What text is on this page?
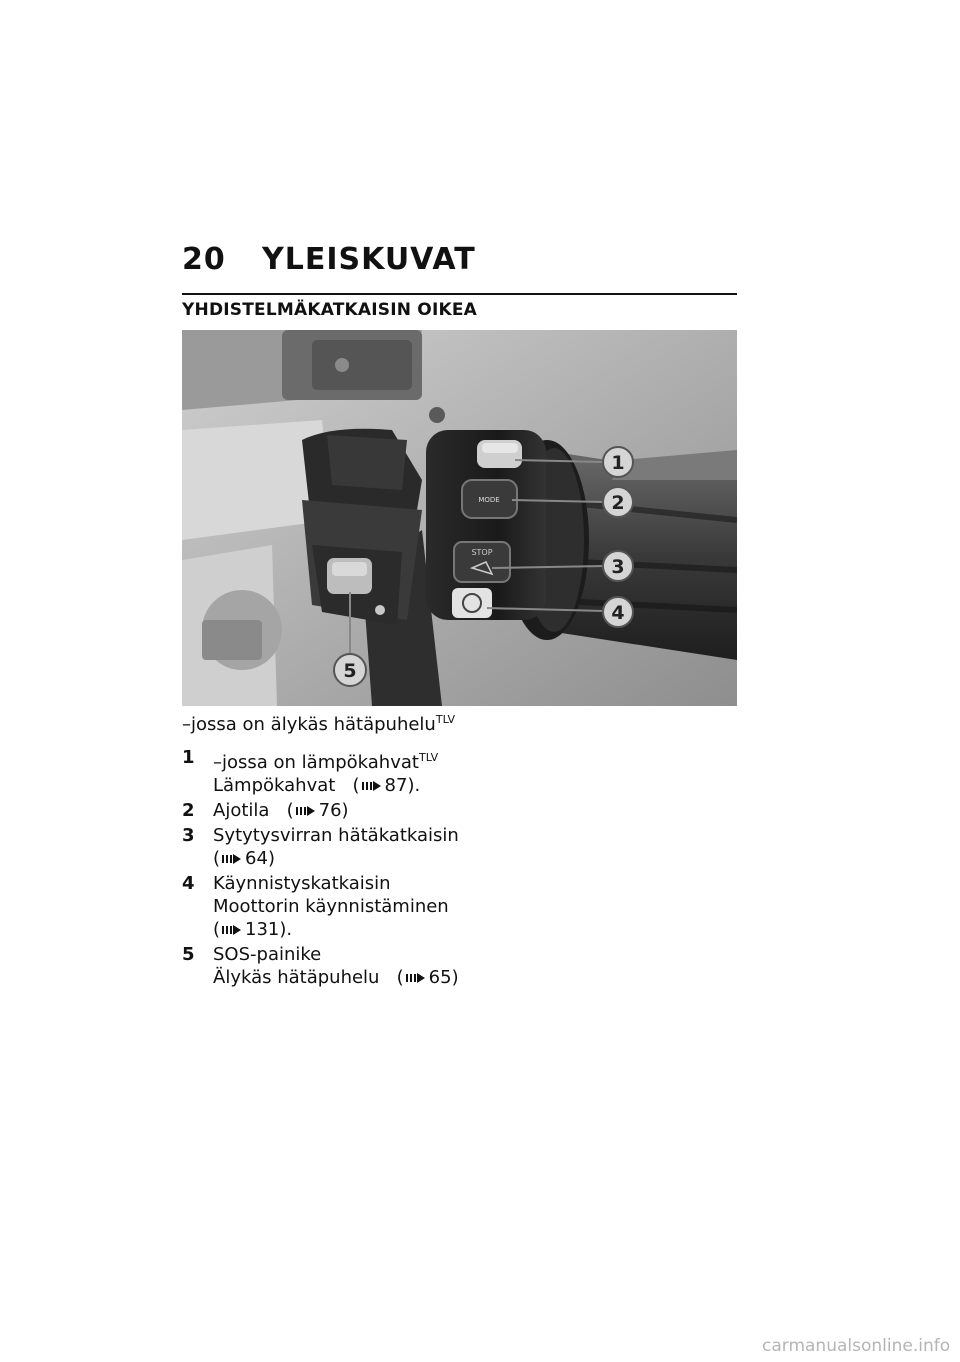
20 YLEISKUVAT
YHDISTELMÄKATKAISIN OIKEA
MODE
STOP
1
2
3
4
5
–jossa on älykäs hätäpuhelu$^{TLV}$
1	–jossa on lämpökahvat$^{TLV}$
Lämpökahvat   ( 87).
2	Ajotila   ( 76)
3	Sytytysvirran hätäkatkaisin
( 64)
4	Käynnistyskatkaisin
Moottorin käynnistäminen
( 131).
5	SOS-painike
Älykäs hätäpuhelu   ( 65)
carmanualsonline.info
